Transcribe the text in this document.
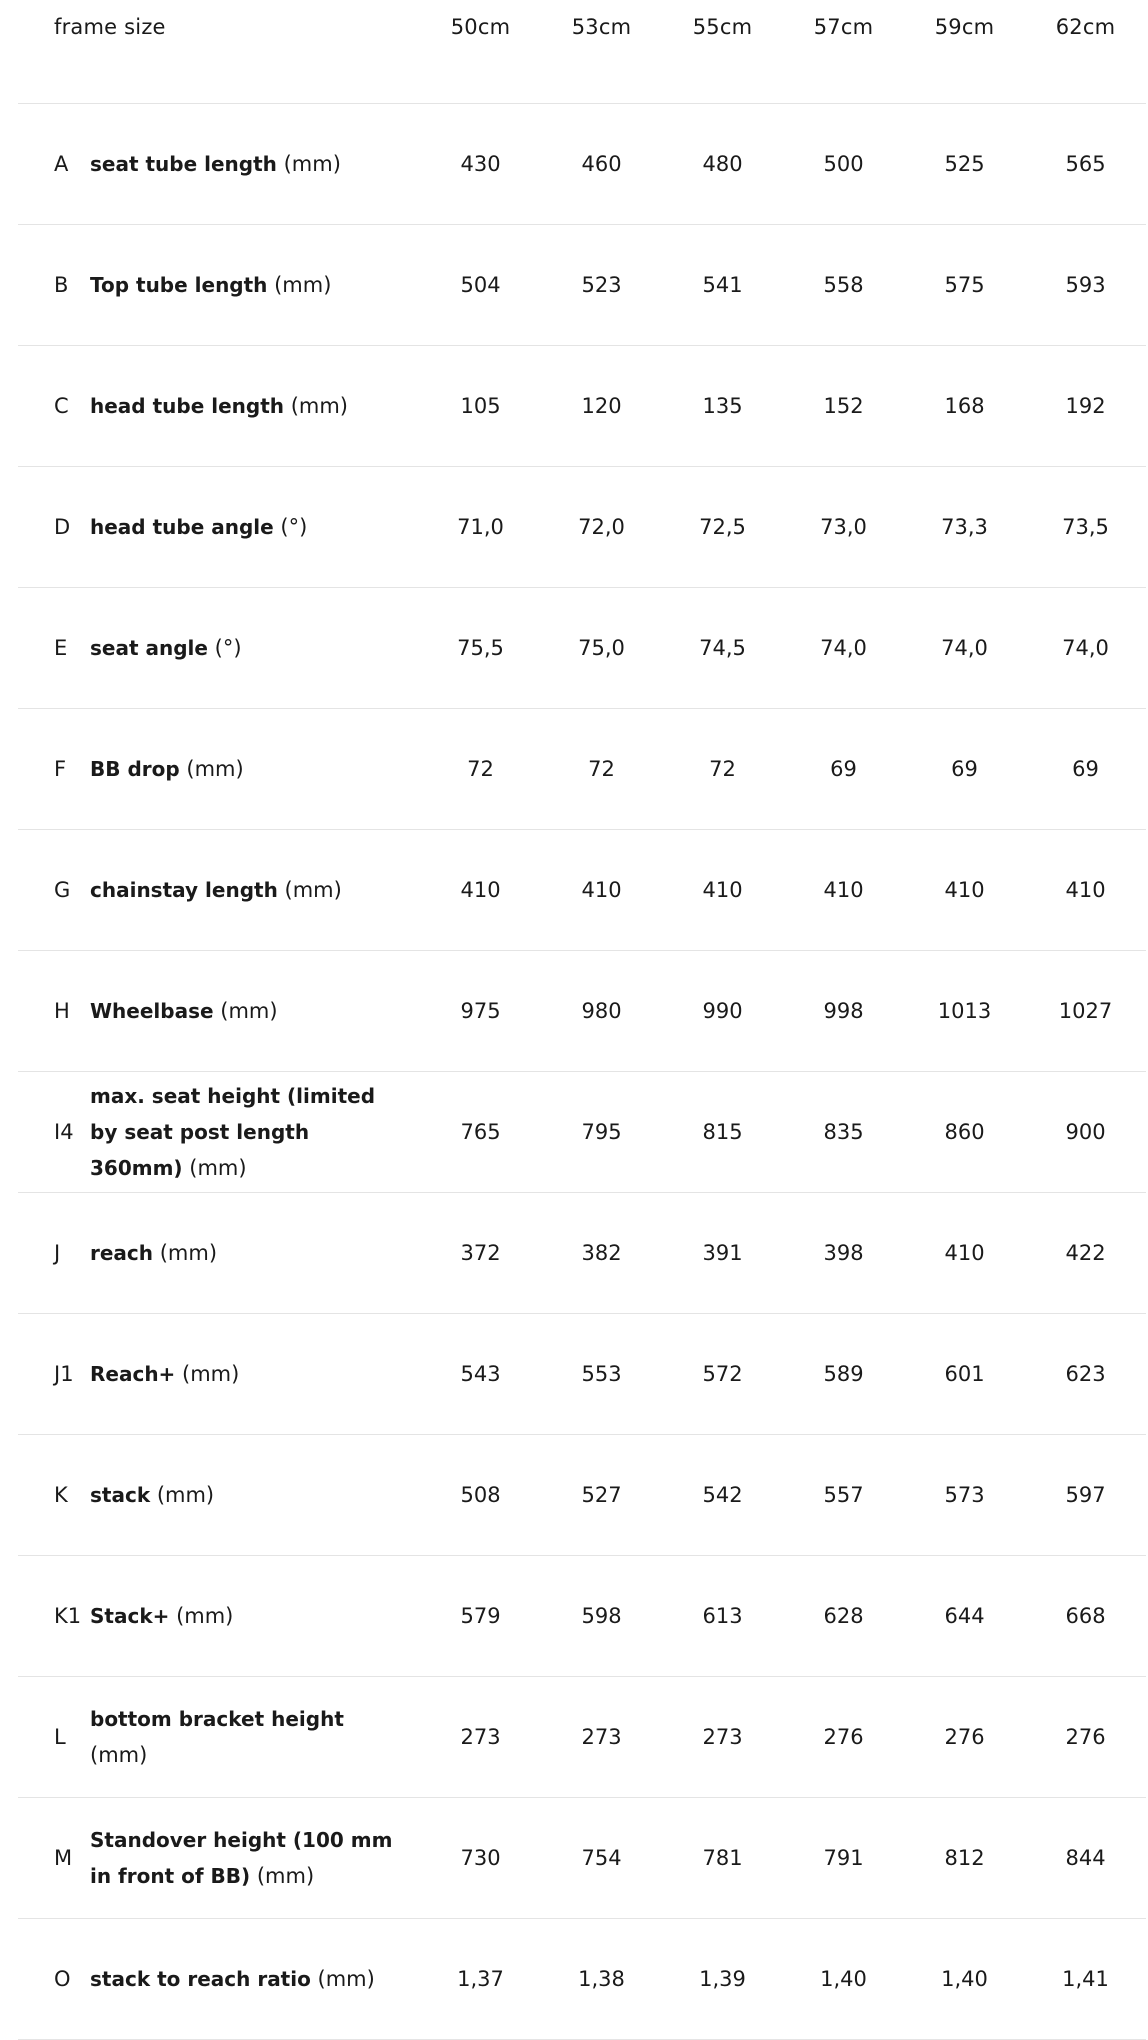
frame size		50cm	53cm	55cm	57cm	59cm	62cm
A	seat tube length (mm)	430	460	480	500	525	565
B	Top tube length (mm)	504	523	541	558	575	593
C	head tube length (mm)	105	120	135	152	168	192
D	head tube angle (°)	71,0	72,0	72,5	73,0	73,3	73,5
E	seat angle (°)	75,5	75,0	74,5	74,0	74,0	74,0
F	BB drop (mm)	72	72	72	69	69	69
G	chainstay length (mm)	410	410	410	410	410	410
H	Wheelbase (mm)	975	980	990	998	1013	1027
I4	max. seat height (limited by seat post length 360mm) (mm)	765	795	815	835	860	900
J	reach (mm)	372	382	391	398	410	422
J1	Reach+ (mm)	543	553	572	589	601	623
K	stack (mm)	508	527	542	557	573	597
K1	Stack+ (mm)	579	598	613	628	644	668
L	bottom bracket height (mm)	273	273	273	276	276	276
M	Standover height (100 mm in front of BB) (mm)	730	754	781	791	812	844
O	stack to reach ratio (mm)	1,37	1,38	1,39	1,40	1,40	1,41
